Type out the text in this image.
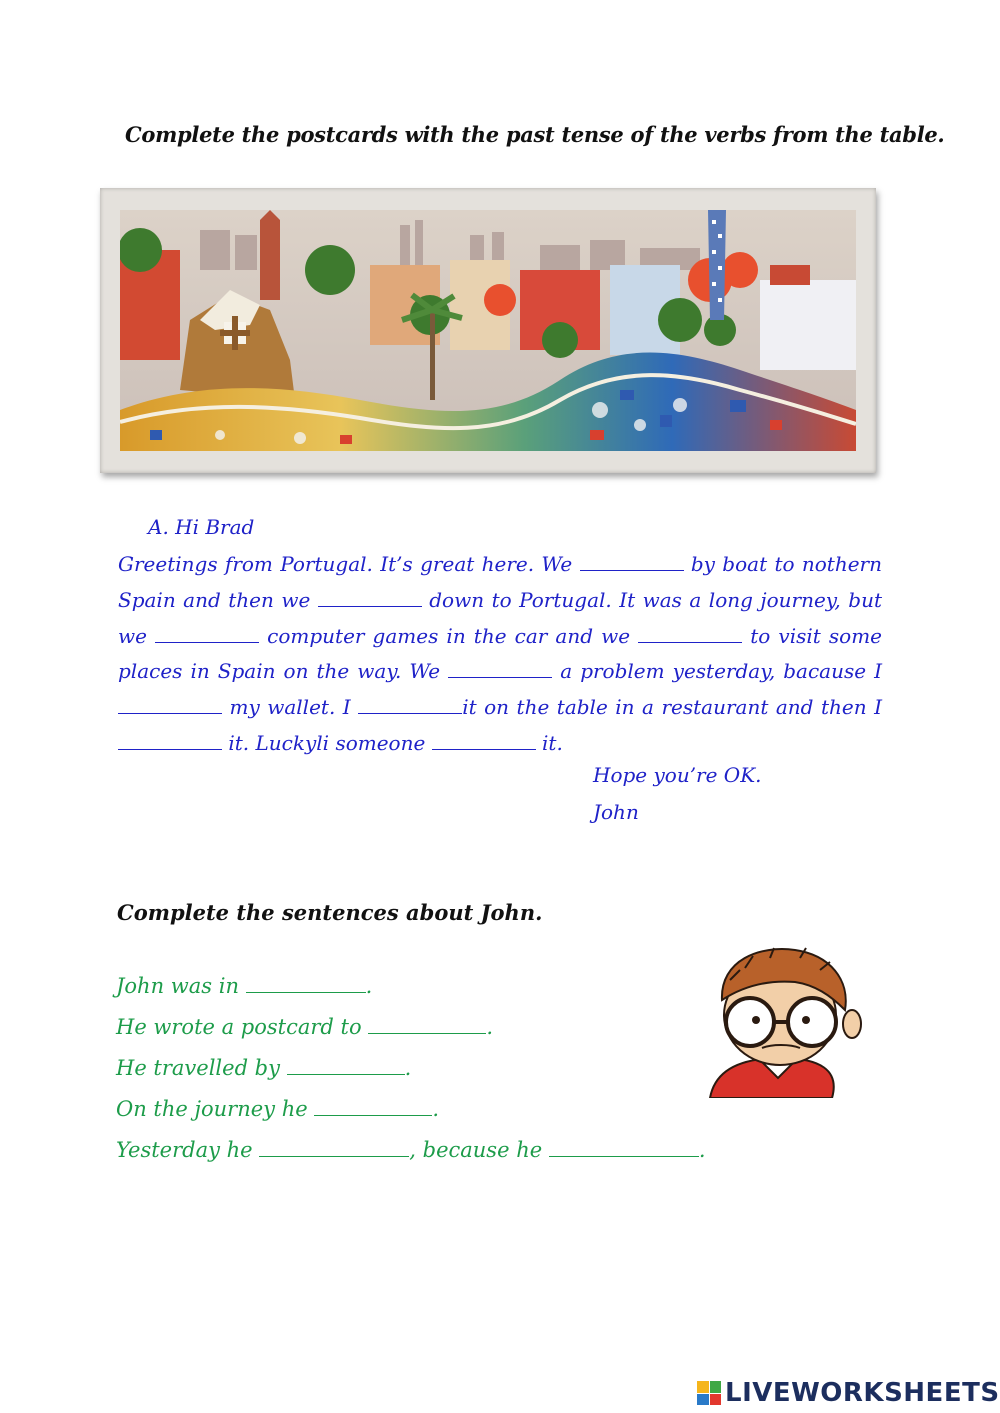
Complete the postcards with the past tense of the verbs from the table.
A. Hi Brad
Greetings from Portugal. It’s great here. We	by boat to nothern Spain and then we	down to Portugal. It was a long journey, but we	computer games in the car and we	to visit some places in Spain on the way. We	a problem yesterday, bacause I  my wallet. I	it on the table in a restaurant and then I  it. Luckyli someone	it.
Hope you’re OK.
John
Complete the sentences about John.
John was in	.
He wrote a postcard to	.
He travelled by	.
On the journey he	.
Yesterday he	, because he	.
LIVEWORKSHEETS
